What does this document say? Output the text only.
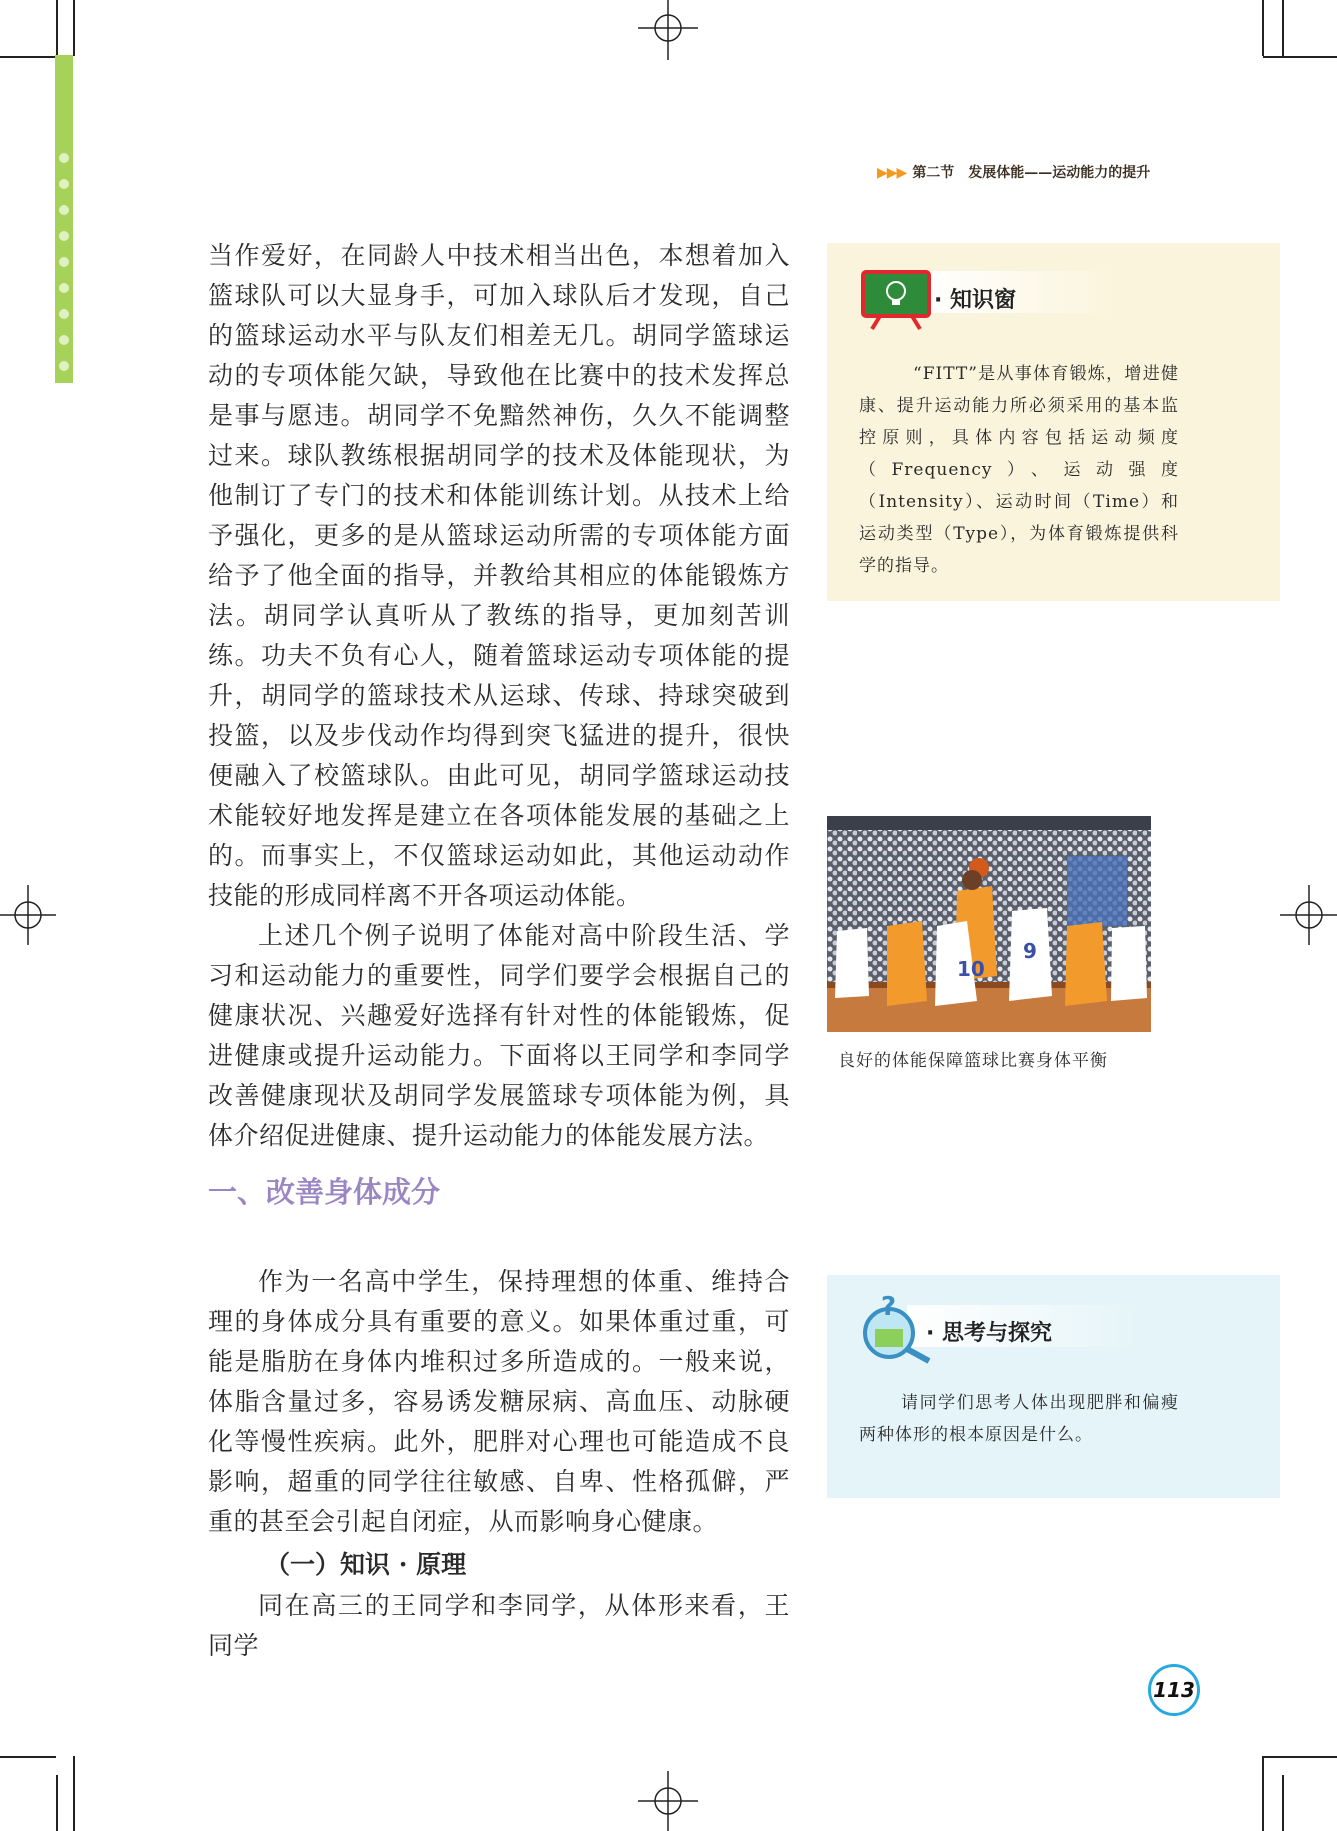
▶▶▶ 第二节　发展体能——运动能力的提升

当作爱好，在同龄人中技术相当出色，本想着加入篮球队可以大显身手，可加入球队后才发现，自己的篮球运动水平与队友们相差无几。胡同学篮球运动的专项体能欠缺，导致他在比赛中的技术发挥总是事与愿违。胡同学不免黯然神伤，久久不能调整过来。球队教练根据胡同学的技术及体能现状，为他制订了专门的技术和体能训练计划。从技术上给予强化，更多的是从篮球运动所需的专项体能方面给予了他全面的指导，并教给其相应的体能锻炼方法。胡同学认真听从了教练的指导，更加刻苦训练。功夫不负有心人，随着篮球运动专项体能的提升，胡同学的篮球技术从运球、传球、持球突破到投篮，以及步伐动作均得到突飞猛进的提升，很快便融入了校篮球队。由此可见，胡同学篮球运动技术能较好地发挥是建立在各项体能发展的基础之上的。而事实上，不仅篮球运动如此，其他运动动作技能的形成同样离不开各项运动体能。

上述几个例子说明了体能对高中阶段生活、学习和运动能力的重要性，同学们要学会根据自己的健康状况、兴趣爱好选择有针对性的体能锻炼，促进健康或提升运动能力。下面将以王同学和李同学改善健康现状及胡同学发展篮球专项体能为例，具体介绍促进健康、提升运动能力的体能发展方法。

一、改善身体成分

作为一名高中学生，保持理想的体重、维持合理的身体成分具有重要的意义。如果体重过重，可能是脂肪在身体内堆积过多所造成的。一般来说，体脂含量过多，容易诱发糖尿病、高血压、动脉硬化等慢性疾病。此外，肥胖对心理也可能造成不良影响，超重的同学往往敏感、自卑、性格孤僻，严重的甚至会引起自闭症，从而影响身心健康。

（一）知识 · 原理

同在高三的王同学和李同学，从体形来看，王同学

· 知识窗
“FITT”是从事体育锻炼，增进健康、提升运动能力所必须采用的基本监控原则，具体内容包括运动频度（Frequency）、运动强度（Intensity）、运动时间（Time）和运动类型（Type），为体育锻炼提供科学的指导。
10
9
良好的体能保障篮球比赛身体平衡
?
· 思考与探究
请同学们思考人体出现肥胖和偏瘦两种体形的根本原因是什么。
113
